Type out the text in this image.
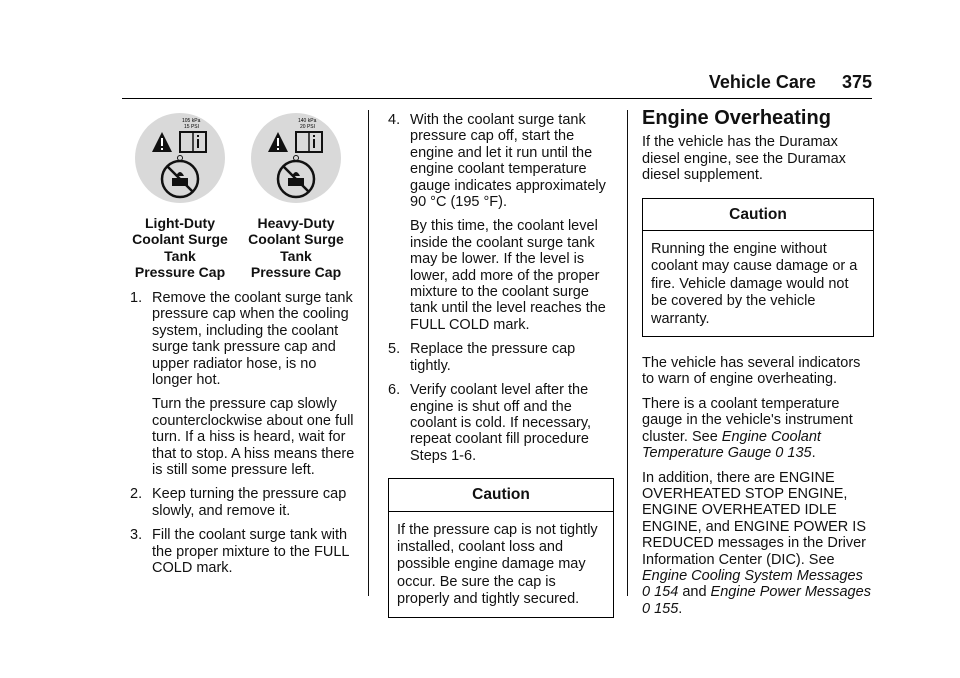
Vehicle Care 375
105 kPa
15 PSI
Light-Duty
Coolant Surge
Tank
Pressure Cap
140 kPa
20 PSI
Heavy-Duty
Coolant Surge
Tank
Pressure Cap
1. Remove the coolant surge tank pressure cap when the cooling system, including the coolant surge tank pressure cap and upper radiator hose, is no longer hot.

Turn the pressure cap slowly counterclockwise about one full turn. If a hiss is heard, wait for that to stop. A hiss means there is still some pressure left.

2. Keep turning the pressure cap slowly, and remove it.
3. Fill the coolant surge tank with the proper mixture to the FULL COLD mark.
4. With the coolant surge tank pressure cap off, start the engine and let it run until the engine coolant temperature gauge indicates approximately 90 °C (195 °F).

By this time, the coolant level inside the coolant surge tank may be lower. If the level is lower, add more of the proper mixture to the coolant surge tank until the level reaches the FULL COLD mark.

5. Replace the pressure cap tightly.
6. Verify coolant level after the engine is shut off and the coolant is cold. If necessary, repeat coolant fill procedure Steps 1-6.
Caution
If the pressure cap is not tightly installed, coolant loss and possible engine damage may occur. Be sure the cap is properly and tightly secured.
Engine Overheating

If the vehicle has the Duramax diesel engine, see the Duramax diesel supplement.

Caution
Running the engine without coolant may cause damage or a fire. Vehicle damage would not be covered by the vehicle warranty.

The vehicle has several indicators to warn of engine overheating.

There is a coolant temperature gauge in the vehicle's instrument cluster. See Engine Coolant Temperature Gauge 0 135.

In addition, there are ENGINE OVERHEATED STOP ENGINE, ENGINE OVERHEATED IDLE ENGINE, and ENGINE POWER IS REDUCED messages in the Driver Information Center (DIC). See Engine Cooling System Messages 0 154 and Engine Power Messages 0 155.
